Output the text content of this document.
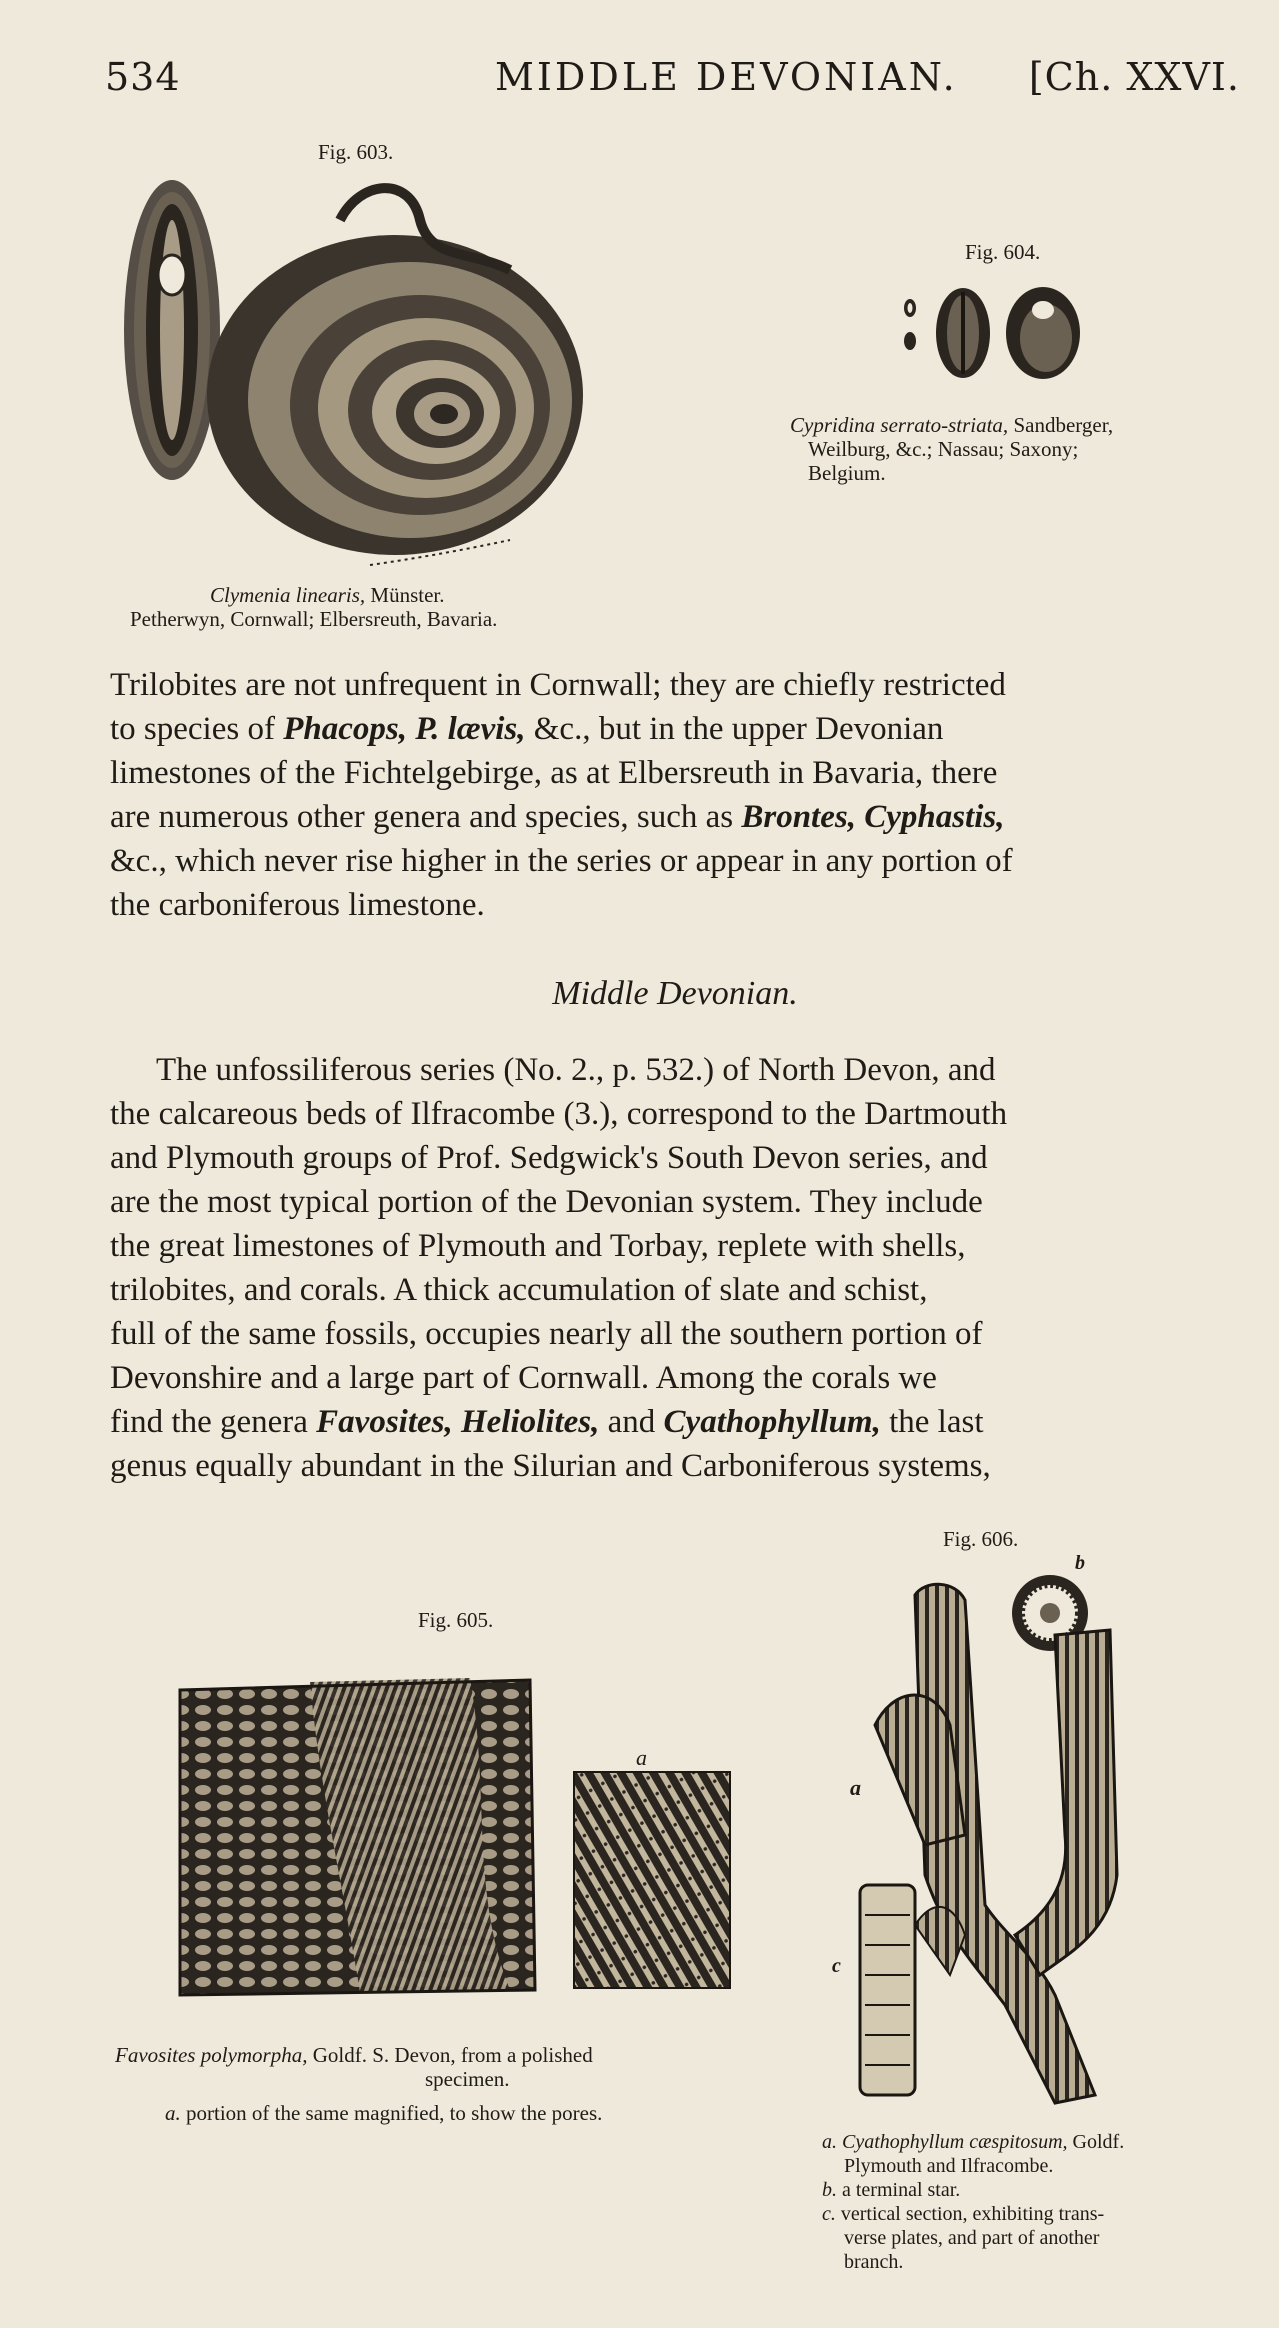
534	MIDDLE DEVONIAN. [Ch. XXVI.
Fig. 603.
Clymenia linearis, Münster.
Petherwyn, Cornwall; Elbersreuth, Bavaria.
Fig. 604.
Cypridina serrato-striata, Sandberger,
Weilburg, &c.; Nassau; Saxony;
Belgium.

Trilobites are not unfrequent in Cornwall; they are chiefly restricted

to species of Phacops, P. lævis, &c., but in the upper Devonian

limestones of the Fichtelgebirge, as at Elbersreuth in Bavaria, there

are numerous other genera and species, such as Brontes, Cyphastis,

&c., which never rise higher in the series or appear in any portion of

the carboniferous limestone.

Middle Devonian.

The unfossiliferous series (No. 2., p. 532.) of North Devon, and

the calcareous beds of Ilfracombe (3.), correspond to the Dartmouth

and Plymouth groups of Prof. Sedgwick's South Devon series, and

are the most typical portion of the Devonian system. They include

the great limestones of Plymouth and Torbay, replete with shells,

trilobites, and corals. A thick accumulation of slate and schist,

full of the same fossils, occupies nearly all the southern portion of

Devonshire and a large part of Cornwall. Among the corals we

find the genera Favosites, Heliolites, and Cyathophyllum, the last

genus equally abundant in the Silurian and Carboniferous systems,

Fig. 605.
a
Favosites polymorpha, Goldf. S. Devon, from a polished
specimen.
a. portion of the same magnified, to show the pores.
Fig. 606.
b
a
c
a. Cyathophyllum cæspitosum, Goldf.
Plymouth and Ilfracombe.
b. a terminal star.
c. vertical section, exhibiting trans-
verse plates, and part of another
branch.
